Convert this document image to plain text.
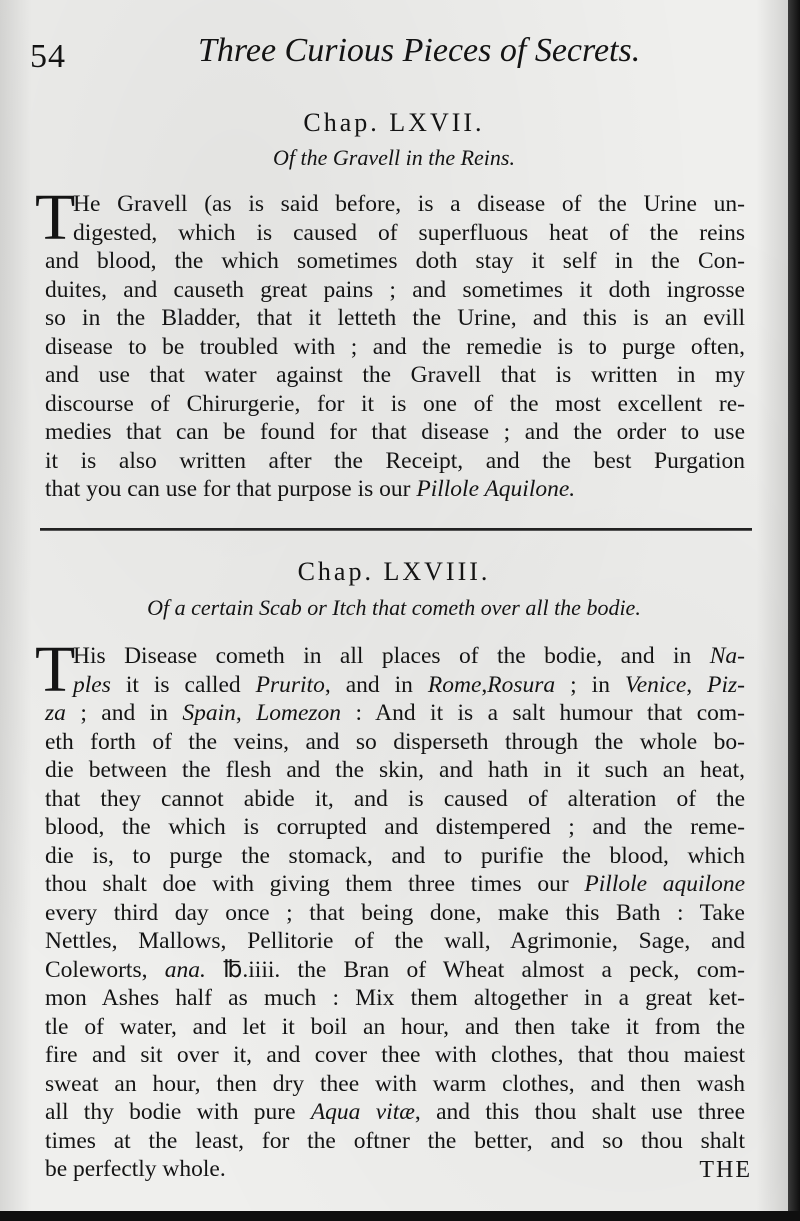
54	Three Curious Pieces of Secrets.
Chap. LXVII.
Of the Gravell in the Reins.
T
He Gravell (as is said before, is a disease of the Urine un-
digested, which is caused of superfluous heat of the reins
and blood, the which sometimes doth stay it self in the Con-
duites, and causeth great pains ; and sometimes it doth ingrosse
so in the Bladder, that it letteth the Urine, and this is an evill
disease to be troubled with ; and the remedie is to purge often,
and use that water against the Gravell that is written in my
discourse of Chirurgerie, for it is one of the most excellent re-
medies that can be found for that disease ; and the order to use
it is also written after the Receipt, and the best Purgation
that you can use for that purpose is our Pillole Aquilone.
Chap. LXVIII.
Of a certain Scab or Itch that cometh over all the bodie.
T
His Disease cometh in all places of the bodie, and in Na-
ples it is called Prurito, and in Rome,Rosura ; in Venice, Piz-
za ; and in Spain, Lomezon : And it is a salt humour that com-
eth forth of the veins, and so disperseth through the whole bo-
die between the flesh and the skin, and hath in it such an heat,
that they cannot abide it, and is caused of alteration of the
blood, the which is corrupted and distempered ; and the reme-
die is, to purge the stomack, and to purifie the blood, which
thou shalt doe with giving them three times our Pillole aquilone
every third day once ; that being done, make this Bath : Take
Nettles, Mallows, Pellitorie of the wall, Agrimonie, Sage, and
Coleworts, ana. ℔.iiii. the Bran of Wheat almost a peck, com-
mon Ashes half as much : Mix them altogether in a great ket-
tle of water, and let it boil an hour, and then take it from the
fire and sit over it, and cover thee with clothes, that thou maiest
sweat an hour, then dry thee with warm clothes, and then wash
all thy bodie with pure Aqua vitæ, and this thou shalt use three
times at the least, for the oftner the better, and so thou shalt
be perfectly whole.	THE
